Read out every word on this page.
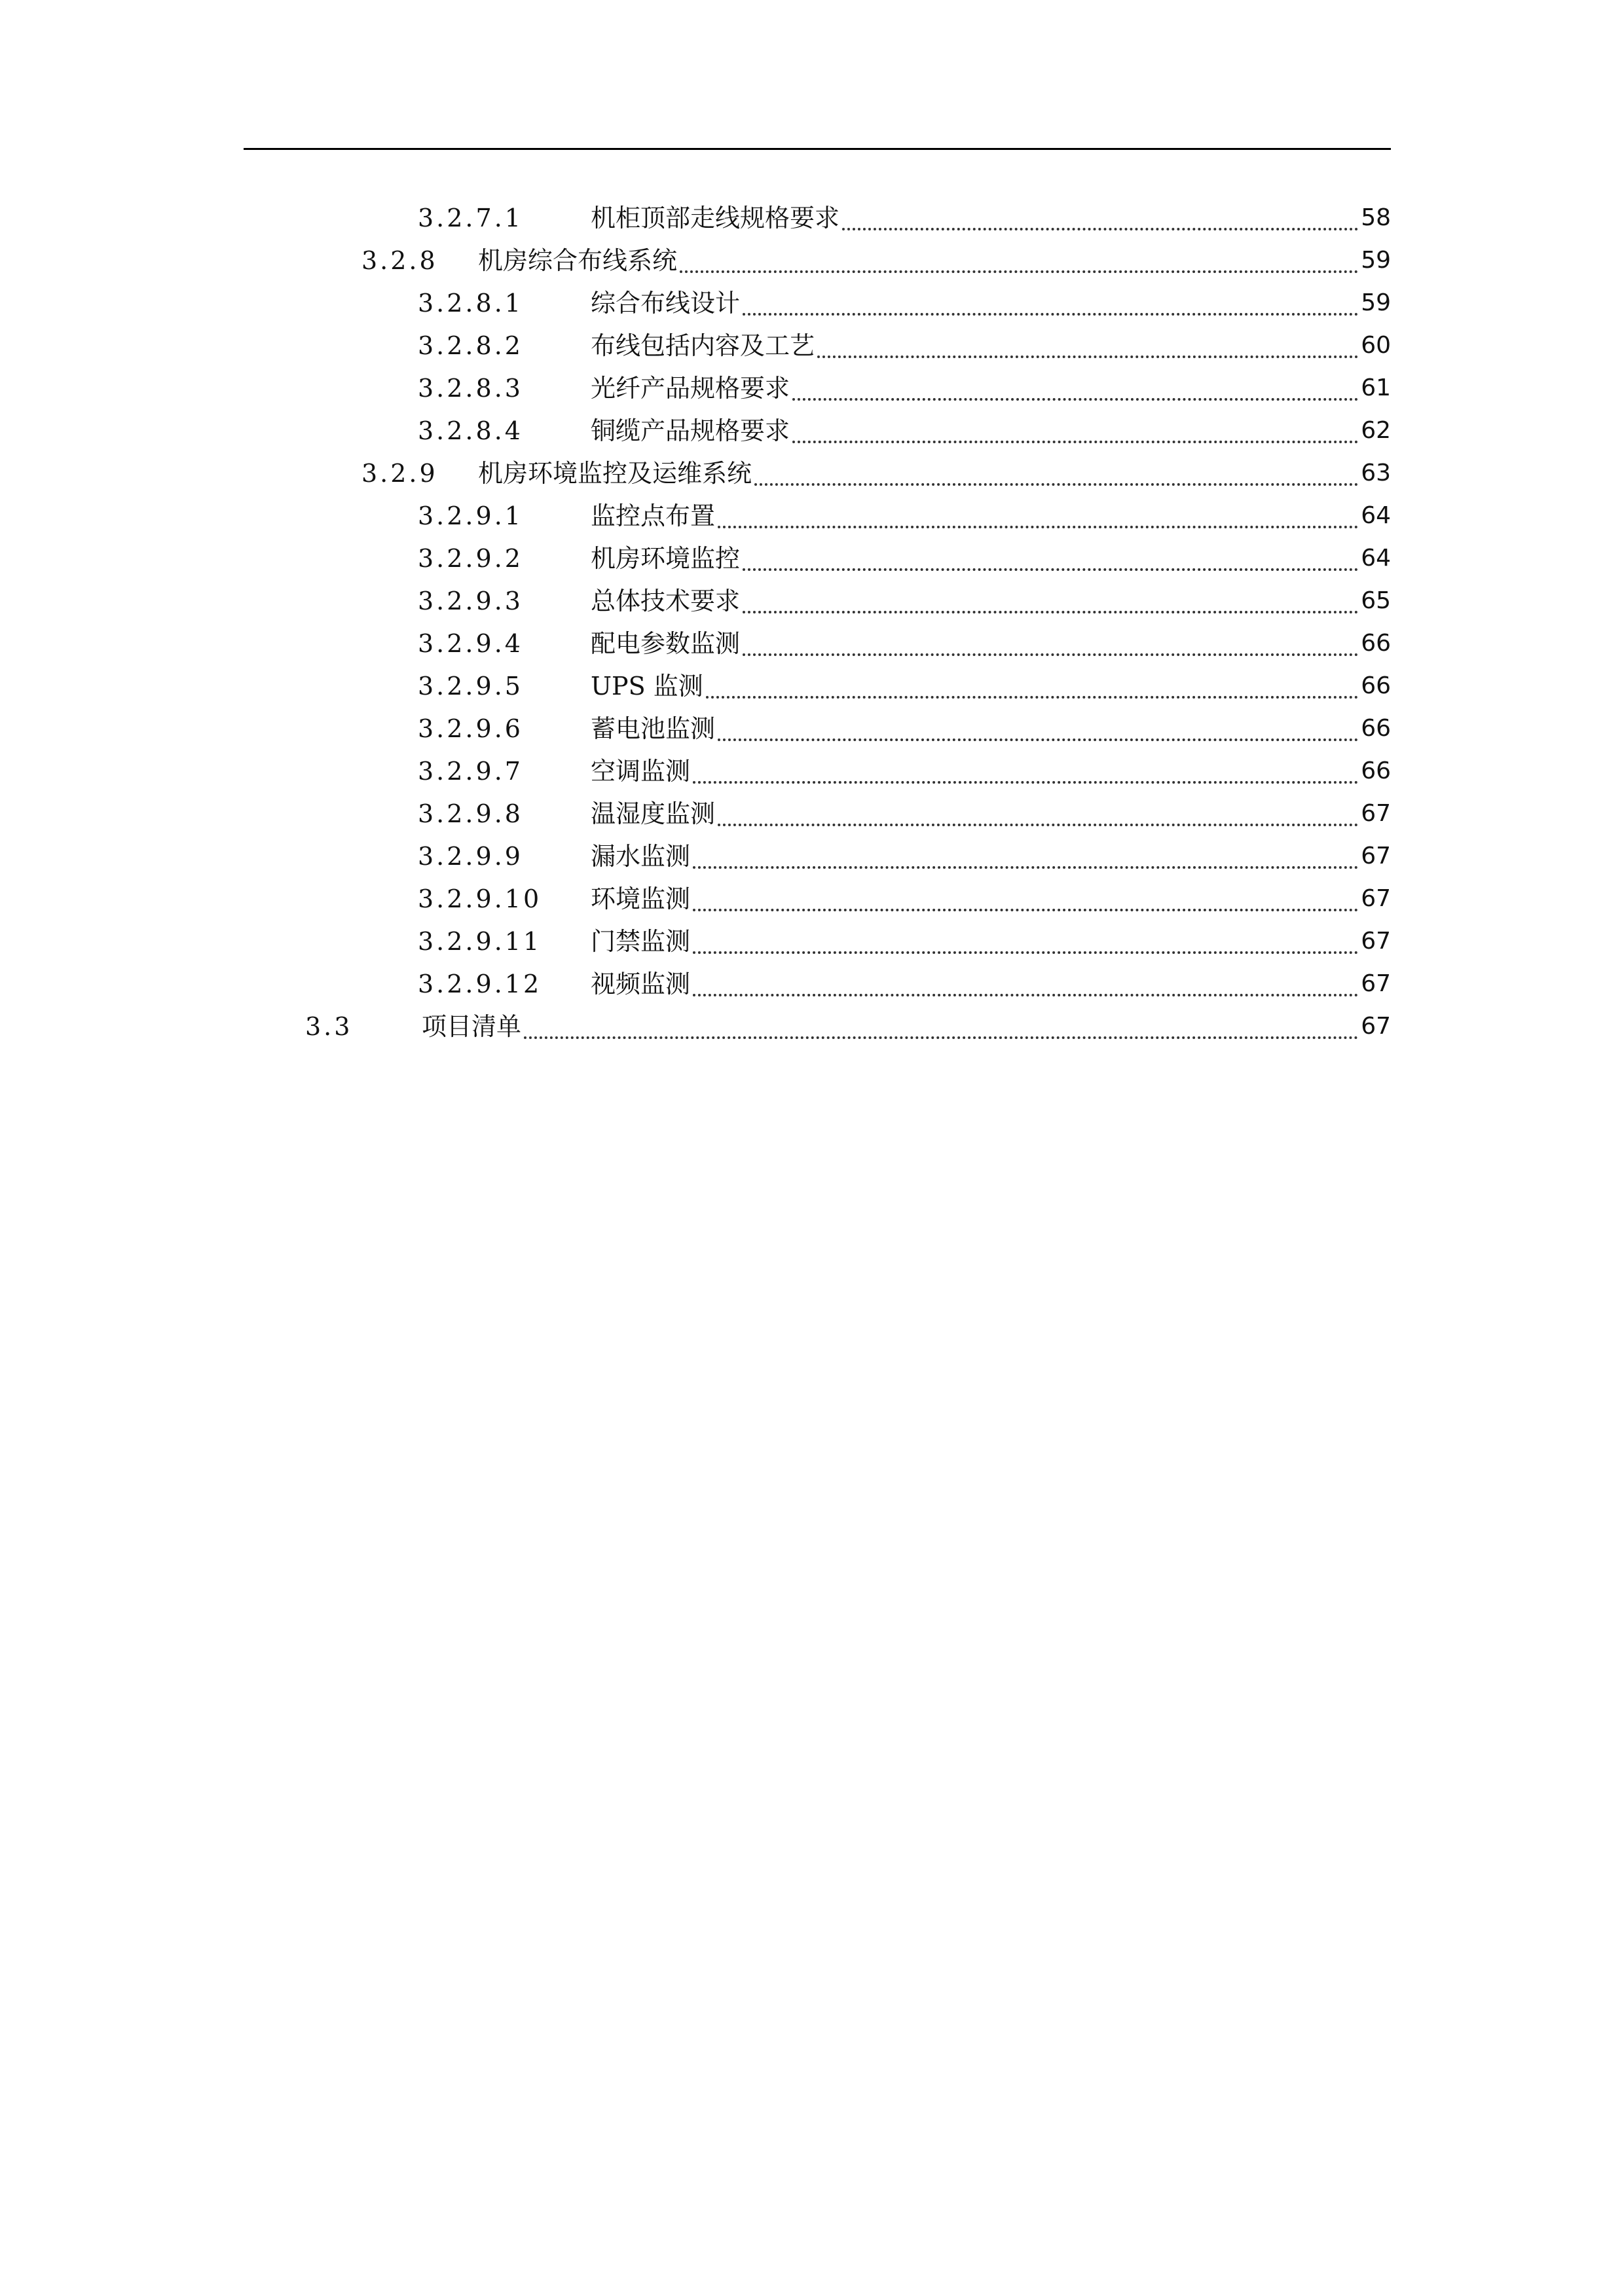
3.2.7.1	机柜顶部走线规格要求	58
3.2.8	机房综合布线系统	59
3.2.8.1	综合布线设计	59
3.2.8.2	布线包括内容及工艺	60
3.2.8.3	光纤产品规格要求	61
3.2.8.4	铜缆产品规格要求	62
3.2.9	机房环境监控及运维系统	63
3.2.9.1	监控点布置	64
3.2.9.2	机房环境监控	64
3.2.9.3	总体技术要求	65
3.2.9.4	配电参数监测	66
3.2.9.5	UPS 监测	66
3.2.9.6	蓄电池监测	66
3.2.9.7	空调监测	66
3.2.9.8	温湿度监测	67
3.2.9.9	漏水监测	67
3.2.9.10	环境监测	67
3.2.9.11	门禁监测	67
3.2.9.12	视频监测	67
3.3	项目清单	67
